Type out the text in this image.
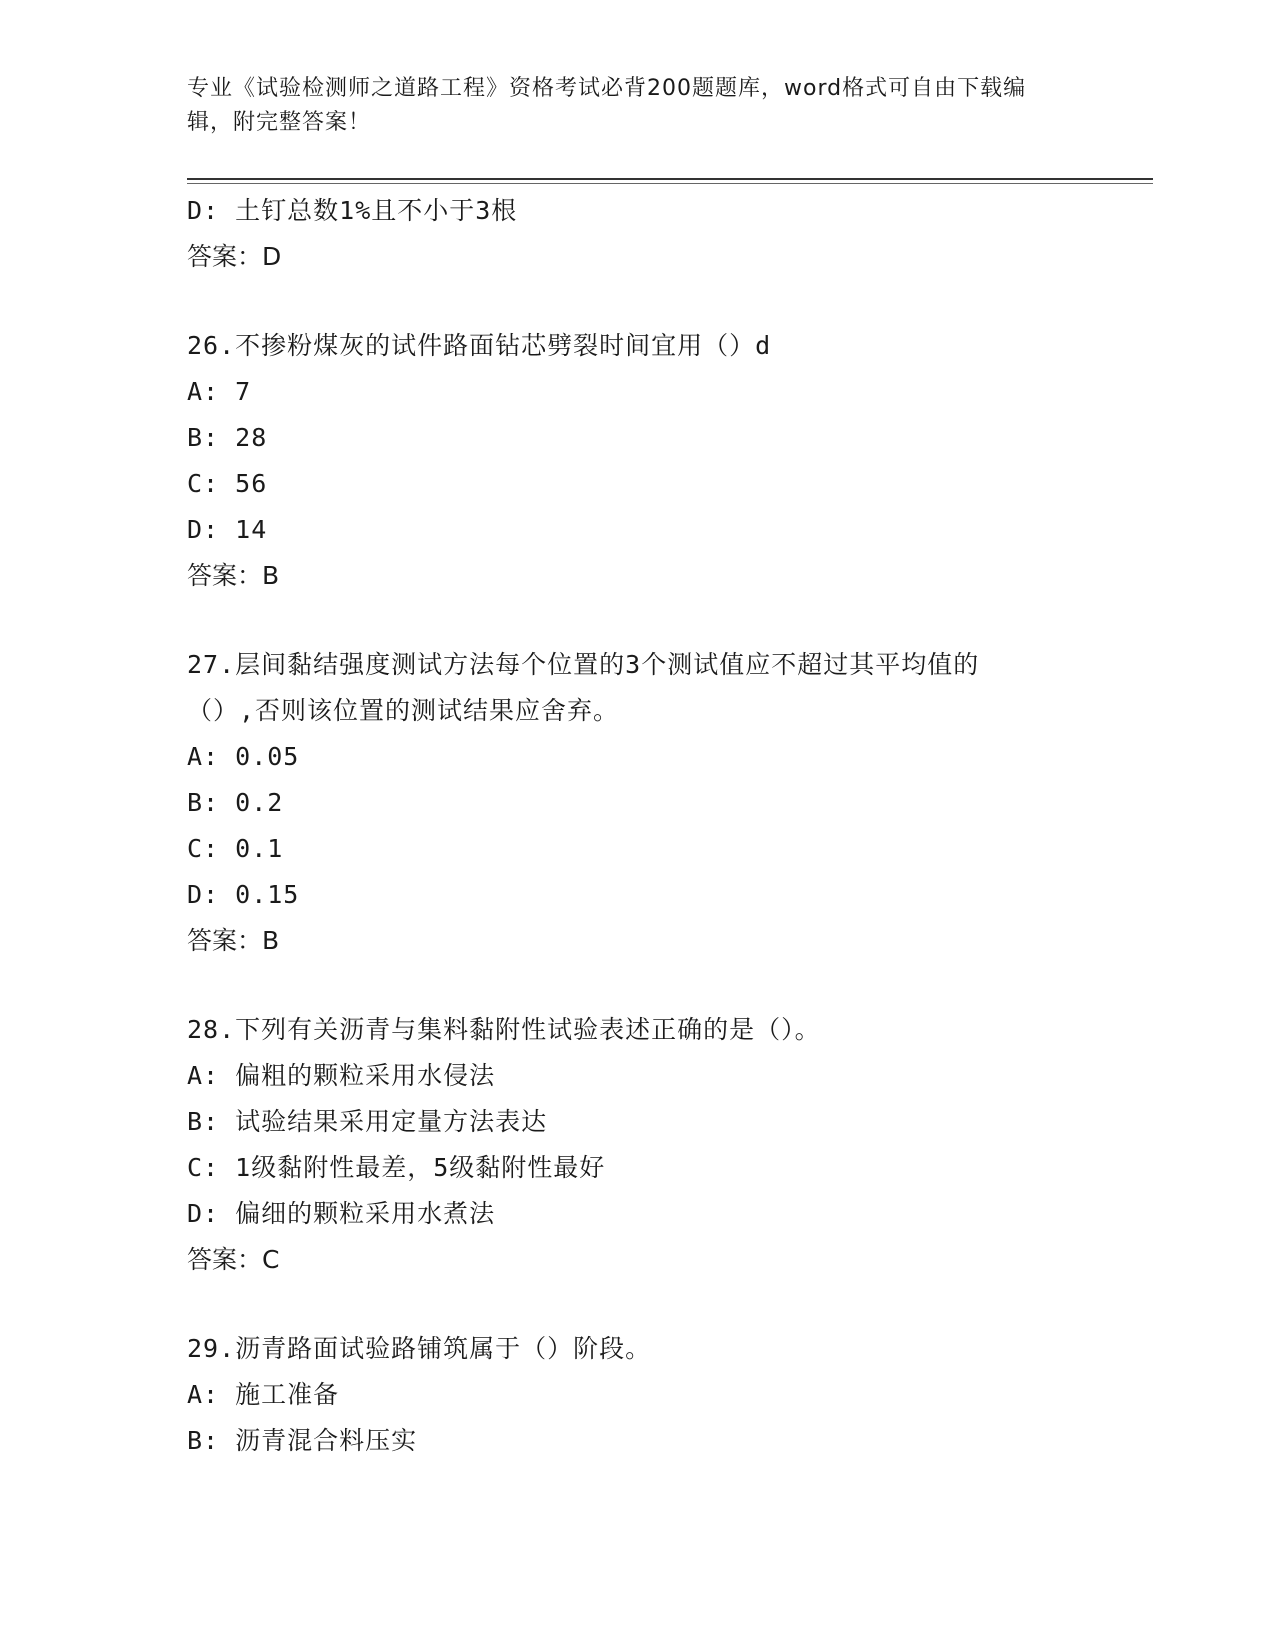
专业《试验检测师之道路工程》资格考试必背200题题库，word格式可自由下载编辑，附完整答案！
D: 土钉总数1%且不小于3根
答案：D
26.不掺粉煤灰的试件路面钻芯劈裂时间宜用（）d
A: 7
B: 28
C: 56
D: 14
答案：B
27.层间黏结强度测试方法每个位置的3个测试值应不超过其平均值的（）,否则该位置的测试结果应舍弃。
A: 0.05
B: 0.2
C: 0.1
D: 0.15
答案：B
28.下列有关沥青与集料黏附性试验表述正确的是（）。
A: 偏粗的颗粒采用水侵法
B: 试验结果采用定量方法表达
C: 1级黏附性最差，5级黏附性最好
D: 偏细的颗粒采用水煮法
答案：C
29.沥青路面试验路铺筑属于（）阶段。
A: 施工准备
B: 沥青混合料压实
